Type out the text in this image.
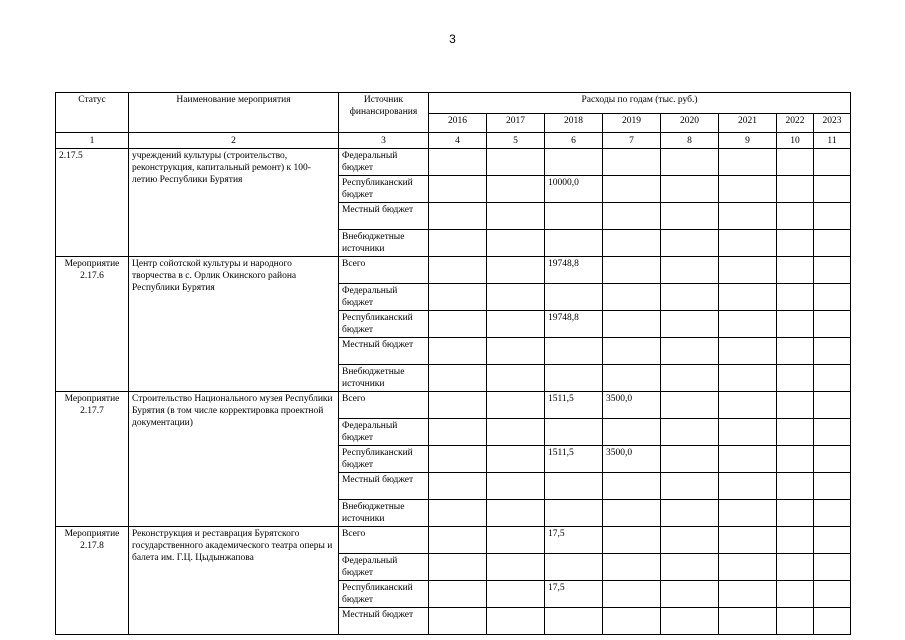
3
Статус	Наименование мероприятия	Источник финансирования	Расходы по годам (тыс. руб.)							
			2016	2017	2018	2019	2020	2021	2022	2023
1	2	3	4	5	6	7	8	9	10	11
2.17.5	учреждений культуры (строительство, реконструкция, капитальный ремонт) к 100-летию Республики Бурятия	Федеральный бюджет								
		Республиканский бюджет			10000,0					
		Местный бюджет								
		Внебюджетные источники								
Мероприятие 2.17.6	Центр сойотской культуры и народного творчества в с. Орлик Окинского района Республики Бурятия	Всего			19748,8					
		Федеральный бюджет								
		Республиканский бюджет			19748,8					
		Местный бюджет								
		Внебюджетные источники								
Мероприятие 2.17.7	Строительство Национального музея Республики Бурятия (в том числе корректировка проектной документации)	Всего			1511,5	3500,0				
		Федеральный бюджет								
		Республиканский бюджет			1511,5	3500,0				
		Местный бюджет								
		Внебюджетные источники								
Мероприятие 2.17.8	Реконструкция и реставрация Бурятского государственного академического театра оперы и балета им. Г.Ц. Цыдынжапова	Всего			17,5					
		Федеральный бюджет								
		Республиканский бюджет			17,5					
		Местный бюджет								
